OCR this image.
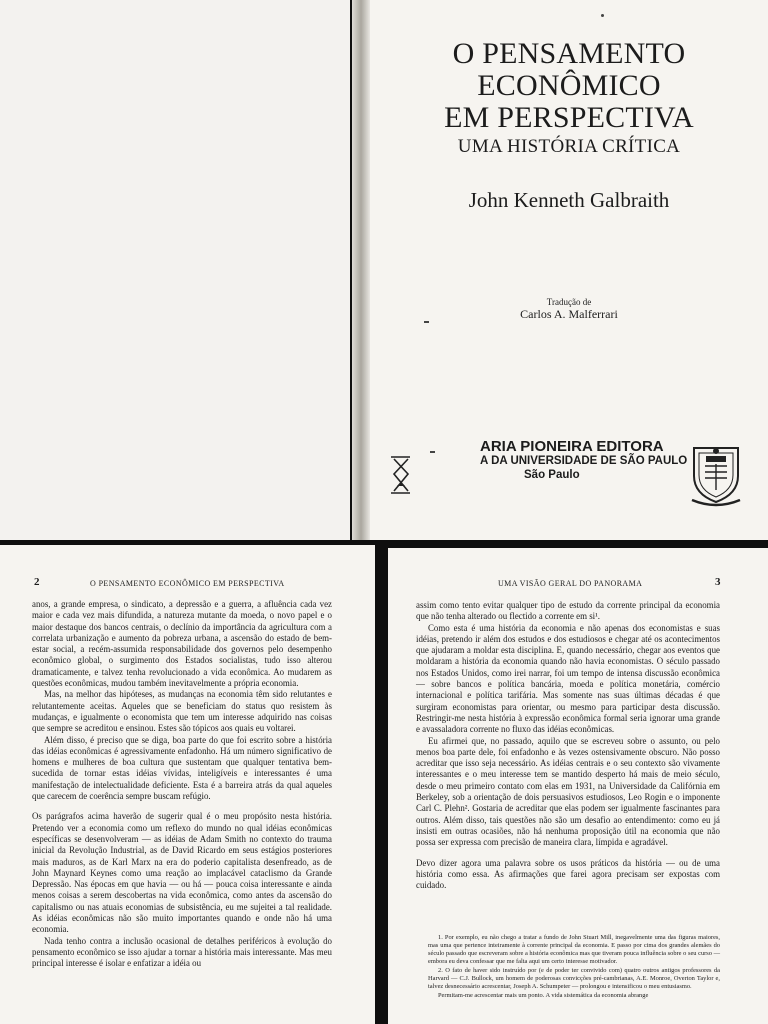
O PENSAMENTO
ECONÔMICO
EM PERSPECTIVA
UMA HISTÓRIA CRÍTICA
John Kenneth Galbraith
Tradução de
Carlos A. Malferrari
ARIA PIONEIRA EDITORA
A DA UNIVERSIDADE DE SÃO PAULO
São Paulo
2	O PENSAMENTO ECONÔMICO EM PERSPECTIVA

anos, a grande empresa, o sindicato, a depressão e a guerra, a afluência cada vez maior e cada vez mais difundida, a natureza mutante da moeda, o novo papel e o maior destaque dos bancos centrais, o declínio da importância da agricultura com a correlata urbanização e aumento da pobreza urbana, a ascensão do estado de bem-estar social, a recém-assumida responsabilidade dos governos pelo desempenho econômico global, o surgimento dos Estados socialistas, tudo isso alterou dramaticamente, e talvez tenha revolucionado a vida econômica. Ao mudarem as questões econômicas, mudou também inevitavelmente a própria economia.

Mas, na melhor das hipóteses, as mudanças na economia têm sido relutantes e relutantemente aceitas. Aqueles que se beneficiam do status quo resistem às mudanças, e igualmente o economista que tem um interesse adquirido nas coisas que sempre se acreditou e ensinou. Estes são tópicos aos quais eu voltarei.

Além disso, é preciso que se diga, boa parte do que foi escrito sobre a história das idéias econômicas é agressivamente enfadonho. Há um número significativo de homens e mulheres de boa cultura que sustentam que qualquer tentativa bem-sucedida de tornar estas idéias vívidas, inteligíveis e interessantes é uma manifestação de intelectualidade deficiente. Esta é a barreira atrás da qual aqueles que carecem de coerência sempre buscam refúgio.

Os parágrafos acima haverão de sugerir qual é o meu propósito nesta história. Pretendo ver a economia como um reflexo do mundo no qual idéias econômicas específicas se desenvolveram — as idéias de Adam Smith no contexto do trauma inicial da Revolução Industrial, as de David Ricardo em seus estágios posteriores mais maduros, as de Karl Marx na era do poderio capitalista desenfreado, as de John Maynard Keynes como uma reação ao implacável cataclismo da Grande Depressão. Nas épocas em que havia — ou há — pouca coisa interessante e ainda menos coisas a serem descobertas na vida econômica, como antes da ascensão do capitalismo ou nas atuais economias de subsistência, eu me sujeitei a tal realidade. As idéias econômicas não são muito importantes quando e onde não há uma economia.

Nada tenho contra a inclusão ocasional de detalhes periféricos à evolução do pensamento econômico se isso ajudar a tornar a história mais interessante. Mas meu principal interesse é isolar e enfatizar a idéia ou

UMA VISÃO GERAL DO PANORAMA	3

assim como tento evitar qualquer tipo de estudo da corrente principal da economia que não tenha alterado ou flectido a corrente em si¹.

Como esta é uma história da economia e não apenas dos economistas e suas idéias, pretendo ir além dos estudos e dos estudiosos e chegar até os acontecimentos que ajudaram a moldar esta disciplina. E, quando necessário, chegar aos eventos que moldaram a história da economia quando não havia economistas. O século passado nos Estados Unidos, como irei narrar, foi um tempo de intensa discussão econômica — sobre bancos e política bancária, moeda e política monetária, comércio internacional e política tarifária. Mas somente nas suas últimas décadas é que surgiram economistas para orientar, ou mesmo para participar desta discussão. Restringir-me nesta história à expressão econômica formal seria ignorar uma grande e avassaladora corrente no fluxo das idéias econômicas.

Eu afirmei que, no passado, aquilo que se escreveu sobre o assunto, ou pelo menos boa parte dele, foi enfadonho e às vezes ostensivamente obscuro. Não posso acreditar que isso seja necessário. As idéias centrais e o seu contexto são vivamente interessantes e o meu interesse tem se mantido desperto há mais de meio século, desde o meu primeiro contato com elas em 1931, na Universidade da Califórnia em Berkeley, sob a orientação de dois persuasivos estudiosos, Leo Rogin e o imponente Carl C. Plehn². Gostaria de acreditar que elas podem ser igualmente fascinantes para outros. Além disso, tais questões não são um desafio ao entendimento: como eu já insisti em outras ocasiões, não há nenhuma proposição útil na economia que não possa ser expressa com precisão de maneira clara, límpida e agradável.

Devo dizer agora uma palavra sobre os usos práticos da história — ou de uma história como essa. As afirmações que farei agora precisam ser expostas com cuidado.

1. Por exemplo, eu não chego a tratar a fundo de John Stuart Mill, inegavelmente uma das figuras maiores, mas uma que pertence inteiramente à corrente principal da economia. E passo por cima dos grandes alemães do século passado que escreveram sobre a história econômica mas que tiveram pouca influência sobre o seu curso — embora eu deva confessar que me falta aqui um certo interesse motivador.

2. O fato de haver sido instruído por (e de poder ter convivido com) quatro outros antigos professores da Harvard — C.J. Bullock, um homem de poderosas convicções pré-cambrianas, A.E. Monroe, Overton Taylor e, talvez desnecessário acrescentar, Joseph A. Schumpeter — prolongou e intensificou o meu entusiasmo.

Permitam-me acrescentar mais um ponto. A vida sistemática da economia abrange
